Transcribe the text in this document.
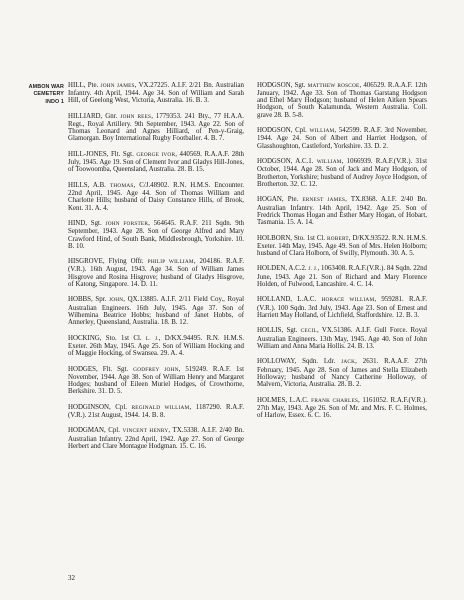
AMBON WAR
CEMETERY
INDO 1

HILL, Pte. JOHN JAMES, VX.27225. A.I.F. 2/21 Bn. Australian Infantry. 4th April, 1944. Age 34. Son of William and Sarah Hill, of Geelong West, Victoria, Australia. 16. B. 3.

HILLIARD, Gnr. JOHN REES, 1779353. 241 Bty., 77 H.A.A. Regt., Royal Artillery. 9th September, 1943. Age 22. Son of Thomas Leonard and Agnes Hilliard, of Pen-y-Graig, Glamorgan. Boy International Rugby Footballer. 4. B. 7.

HILL-JONES, Flt. Sgt. GEORGE IVOR, 440569. R.A.A.F. 28th July, 1945. Age 19. Son of Clement Ivor and Gladys Hill-Jones, of Toowoomba, Queensland, Australia. 28. B. 15.

HILLS, A.B. THOMAS, C/J.48902. R.N. H.M.S. Encounter. 22nd April, 1945. Age 44. Son of Thomas William and Charlotte Hills; husband of Daisy Constance Hills, of Brook, Kent. 31. A. 4.

HIND, Sgt. JOHN FORSTER, 564645. R.A.F. 211 Sqdn. 9th September, 1943. Age 28. Son of George Alfred and Mary Crawford Hind, of South Bank, Middlesbrough, Yorkshire. 10. B. 10.

HISGROVE, Flying Offr. PHILIP WILLIAM, 204186. R.A.F.(V.R.). 16th August, 1943. Age 34. Son of William James Hisgrove and Rosina Hisgrove; husband of Gladys Hisgrove, of Katong, Singapore. 14. D. 11.

HOBBS, Spr. JOHN, QX.13885. A.I.F. 2/11 Field Coy., Royal Australian Engineers. 16th July, 1945. Age 37. Son of Wilhemina Beatrice Hobbs; husband of Janet Hobbs, of Annerley, Queensland, Australia. 18. B. 12.

HOCKING, Sto. 1st Cl. L. J., D/KX.94495. R.N. H.M.S. Exeter. 26th May, 1945. Age 25. Son of William Hocking and of Maggie Hocking, of Swansea. 29. A. 4.

HODGES, Flt. Sgt. GODFREY JOHN, 519249. R.A.F. 1st November, 1944. Age 38. Son of William Henry and Margaret Hodges; husband of Eileen Muriel Hodges, of Crowthorne, Berkshire. 31. D. 5.

HODGINSON, Cpl. REGINALD WILLIAM, 1187290. R.A.F.(V.R.). 21st August, 1944. 14. B. 8.

HODGMAN, Cpl. VINCENT HENRY, TX.5338. A.I.F. 2/40 Bn. Australian Infantry. 22nd April, 1942. Age 27. Son of George Herbert and Clare Montague Hodgman. 15. C. 16.

HODGSON, Sgt. MATTHEW ROSCOE, 406529. R.A.A.F. 12th January, 1942. Age 33. Son of Thomas Garstang Hodgson and Ethel Mary Hodgson; husband of Helen Aitken Spears Hodgson, of South Kalamunda, Western Australia. Coll. grave 28. B. 5-8.

HODGSON, Cpl. WILLIAM, 542599. R.A.F. 3rd November, 1944. Age 24. Son of Albert and Harriet Hodgson, of Glasshoughton, Castleford, Yorkshire. 33. D. 2.

HODGSON, A.C.1. WILLIAM, 1066939. R.A.F.(V.R.). 31st October, 1944. Age 28. Son of Jack and Mary Hodgson, of Brotherton, Yorkshire; husband of Audrey Joyce Hodgson, of Brotherton. 32. C. 12.

HOGAN, Pte. ERNEST JAMES, TX.8368. A.I.F. 2/40 Bn. Australian Infantry. 14th April, 1942. Age 25. Son of Fredrick Thomas Hogan and Esther Mary Hogan, of Hobart, Tasmania. 15. A. 14.

HOLBORN, Sto. 1st Cl. ROBERT, D/KX.93522. R.N. H.M.S. Exeter. 14th May, 1945. Age 49. Son of Mrs. Helen Holborn; husband of Clara Holborn, of Swilly, Plymouth. 30. A. 5.

HOLDEN, A.C.2. J. J., 1063408. R.A.F.(V.R.). 84 Sqdn. 22nd June, 1943. Age 21. Son of Richard and Mary Florence Holden, of Fulwood, Lancashire. 4. C. 14.

HOLLAND, L.A.C. HORACE WILLIAM, 959281. R.A.F.(V.R.). 100 Sqdn. 3rd July, 1943. Age 23. Son of Ernest and Harriett May Holland, of Lichfield, Staffordshire. 12. B. 3.

HOLLIS, Sgt. CECIL, VX.51386. A.I.F. Gull Force. Royal Australian Engineers. 13th May, 1945. Age 40. Son of John William and Anna Maria Hollis. 24. B. 13.

HOLLOWAY, Sqdn. Ldr. JACK, 2631. R.A.A.F. 27th February, 1945. Age 28. Son of James and Stella Elizabeth Holloway; husband of Nancy Catherine Holloway, of Malvern, Victoria, Australia. 28. B. 2.

HOLMES, L.A.C. FRANK CHARLES, 1161052. R.A.F.(V.R.). 27th May, 1943. Age 26. Son of Mr. and Mrs. F. C. Holmes, of Harlow, Essex. 6. C. 16.

32
